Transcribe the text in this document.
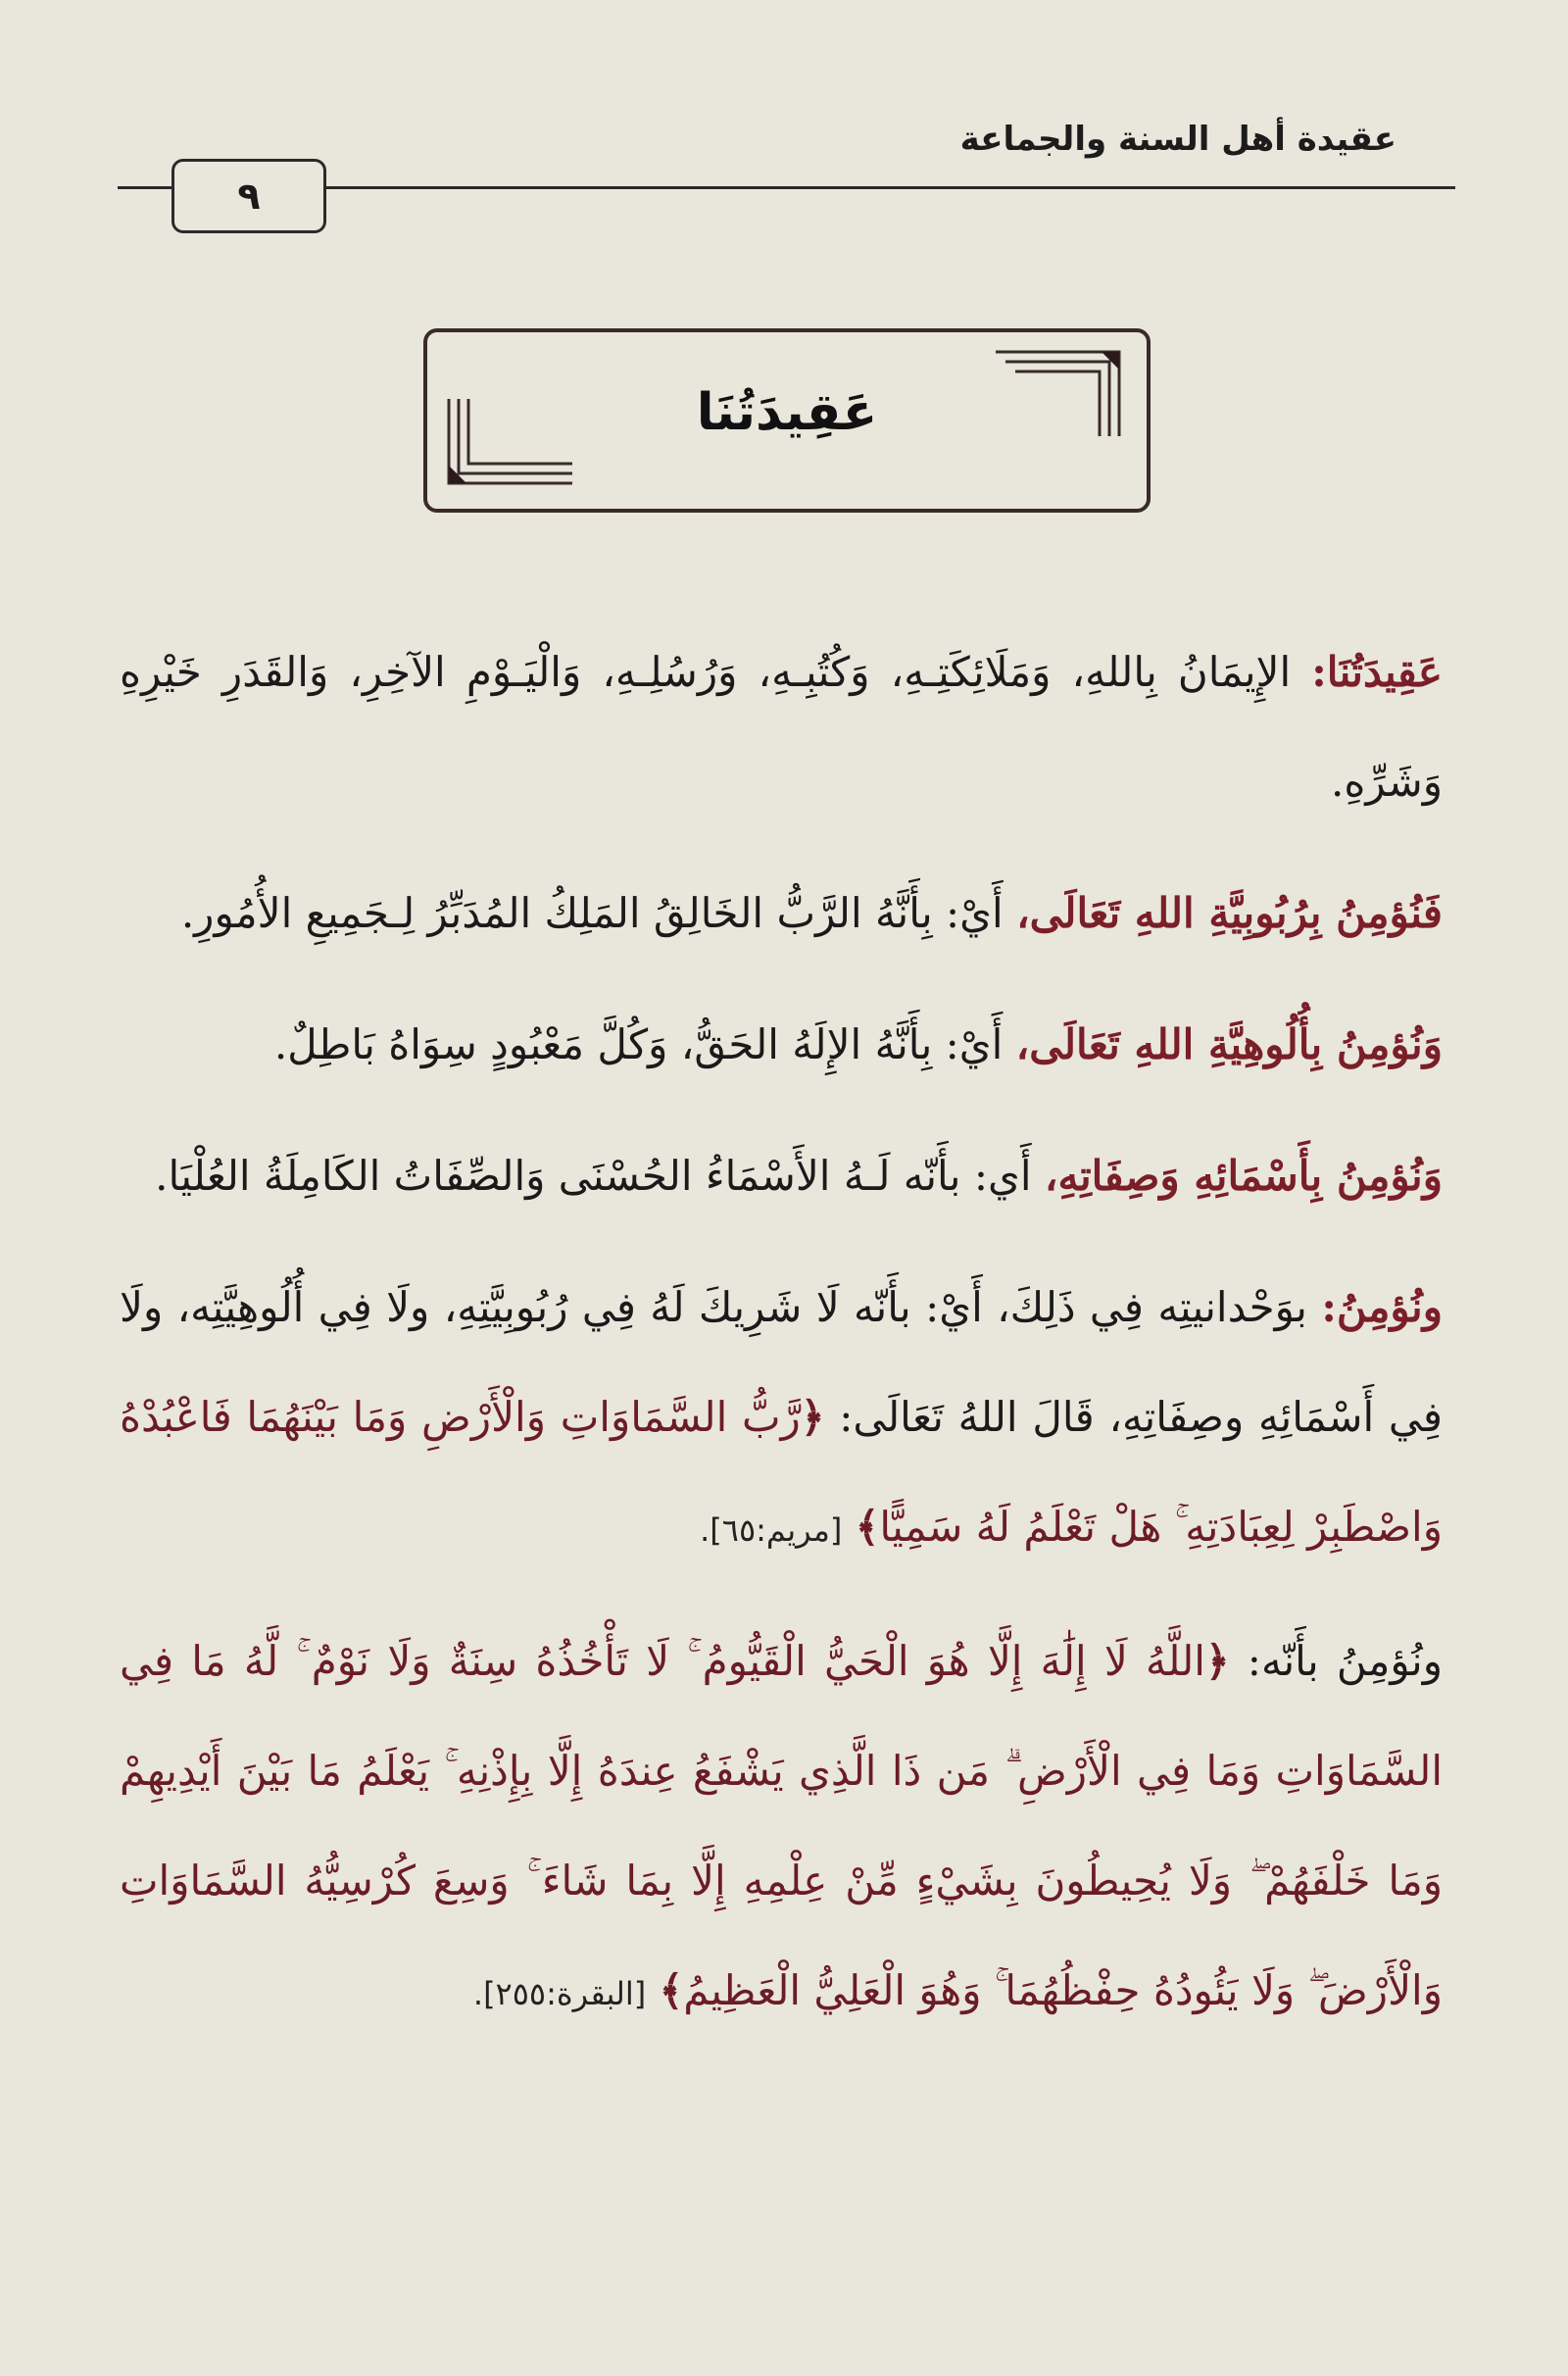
عقيدة أهل السنة والجماعة
٩
عَقِيدَتُنَا

عَقِيدَتُنَا: الإِيمَانُ بِاللهِ، وَمَلَائِكَتِـهِ، وَكُتُبِـهِ، وَرُسُلِـهِ، وَالْيَـوْمِ الآخِرِ، وَالقَدَرِ خَيْرِهِ وَشَرِّهِ.

فَنُؤمِنُ بِرُبُوبِيَّةِ اللهِ تَعَالَى، أَيْ: بِأَنَّهُ الرَّبُّ الخَالِقُ المَلِكُ المُدَبِّرُ لِـجَمِيعِ الأُمُورِ.

وَنُؤمِنُ بِأُلُوهِيَّةِ اللهِ تَعَالَى، أَيْ: بِأَنَّهُ الإِلَهُ الحَقُّ، وَكُلَّ مَعْبُودٍ سِوَاهُ بَاطِلٌ.

وَنُؤمِنُ بِأَسْمَائِهِ وَصِفَاتِهِ، أَي: بأَنّه لَـهُ الأَسْمَاءُ الحُسْنَى وَالصِّفَاتُ الكَامِلَةُ العُلْيَا.

ونُؤمِنُ: بوَحْدانيتِه فِي ذَلِكَ، أَيْ: بأَنّه لَا شَرِيكَ لَهُ فِي رُبُوبِيَّتِهِ، ولَا فِي أُلُوهِيَّتِه، ولَا فِي أَسْمَائِهِ وصِفَاتِهِ، قَالَ اللهُ تَعَالَى: ﴿رَّبُّ السَّمَاوَاتِ وَالْأَرْضِ وَمَا بَيْنَهُمَا فَاعْبُدْهُ وَاصْطَبِرْ لِعِبَادَتِهِ ۚ هَلْ تَعْلَمُ لَهُ سَمِيًّا﴾ [مريم:٦٥].

ونُؤمِنُ بأَنّه: ﴿اللَّهُ لَا إِلَٰهَ إِلَّا هُوَ الْحَيُّ الْقَيُّومُ ۚ لَا تَأْخُذُهُ سِنَةٌ وَلَا نَوْمٌ ۚ لَّهُ مَا فِي السَّمَاوَاتِ وَمَا فِي الْأَرْضِ ۗ مَن ذَا الَّذِي يَشْفَعُ عِندَهُ إِلَّا بِإِذْنِهِ ۚ يَعْلَمُ مَا بَيْنَ أَيْدِيهِمْ وَمَا خَلْفَهُمْ ۖ وَلَا يُحِيطُونَ بِشَيْءٍ مِّنْ عِلْمِهِ إِلَّا بِمَا شَاءَ ۚ وَسِعَ كُرْسِيُّهُ السَّمَاوَاتِ وَالْأَرْضَ ۖ وَلَا يَئُودُهُ حِفْظُهُمَا ۚ وَهُوَ الْعَلِيُّ الْعَظِيمُ﴾ [البقرة:٢٥٥].
